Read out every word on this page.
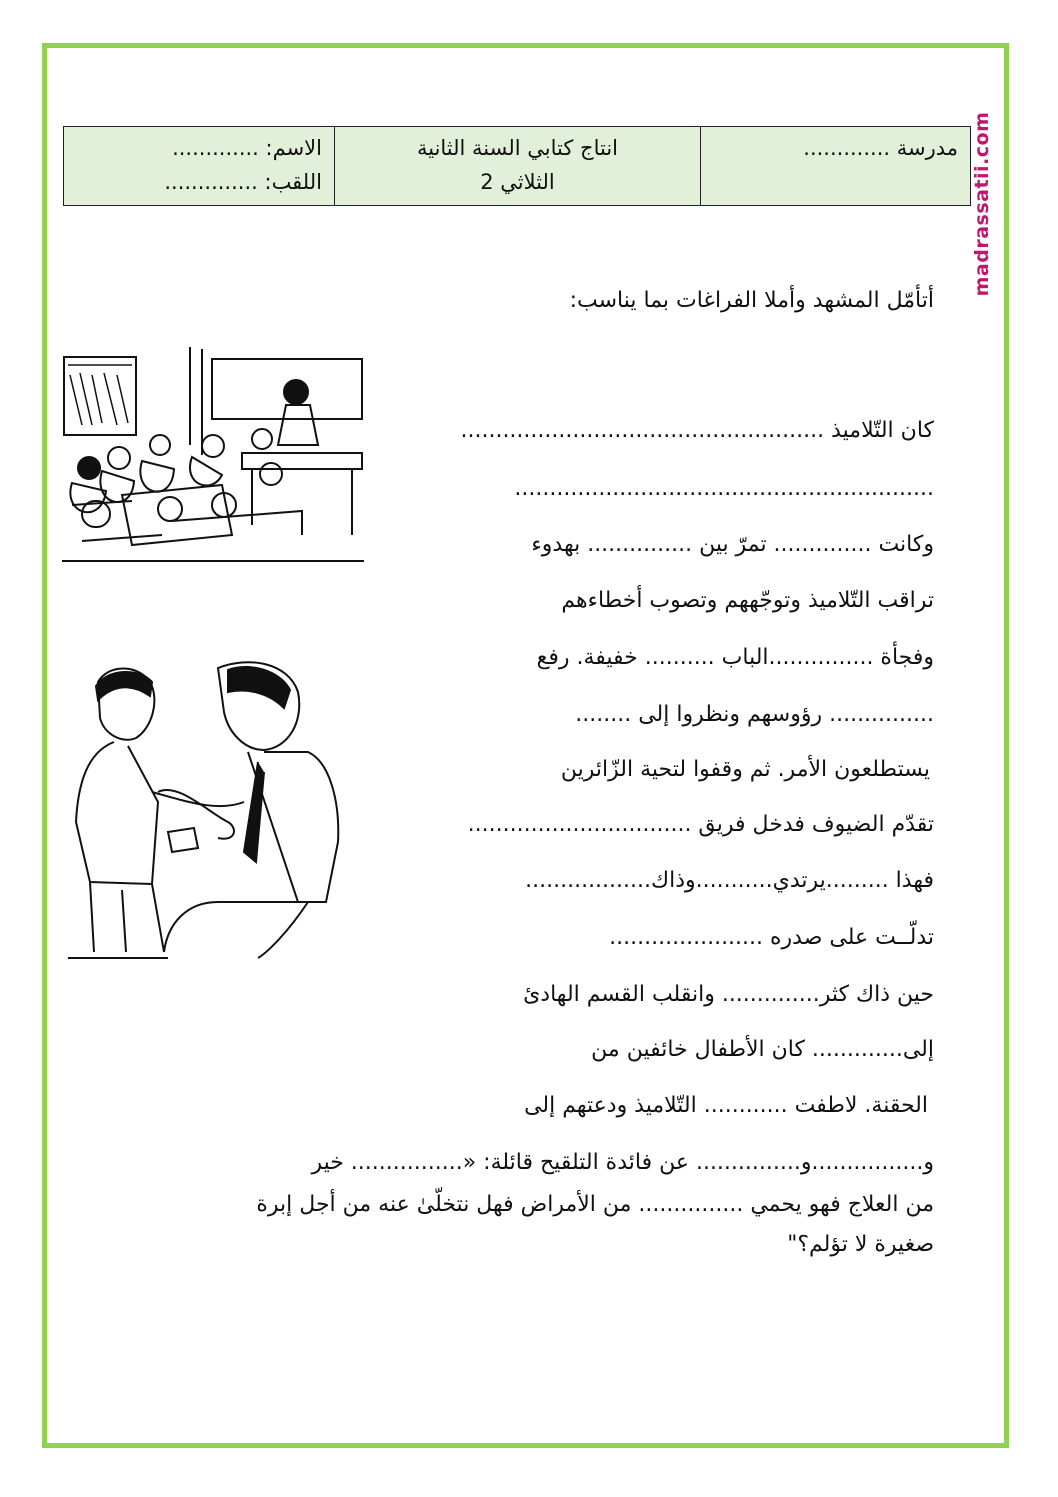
madrassatii.com
مدرسة .............

انتاج كتابي السنة الثانية
الثلاثي 2

الاسم: .............
اللقب: ..............
أتأمّل المشهد وأملا الفراغات بما يناسب:
كان التّلاميذ ....................................................
............................................................
وكانت .............. تمرّ بين ............... بهدوء
تراقب التّلاميذ وتوجّههم وتصوب أخطاءهم
وفجأة ...............الباب .......... خفيفة. رفع
............... رؤوسهم ونظروا إلى ........
يستطلعون الأمر. ثم وقفوا لتحية الزّائرين
تقدّم الضيوف فدخل فريق ................................
فهذا .........يرتدي...........وذاك..................
تدلّــت على صدره ......................
حين ذاك كثر.............. وانقلب القسم الهادئ
إلى............. كان الأطفال خائفين من
الحقنة. لاطفت ............ التّلاميذ ودعتهم إلى
و................و............... عن فائدة التلقيح قائلة: «................ خير
من العلاج فهو يحمي ............... من الأمراض فهل نتخلّىٰ عنه من أجل إبرة
صغيرة لا تؤلم؟"
